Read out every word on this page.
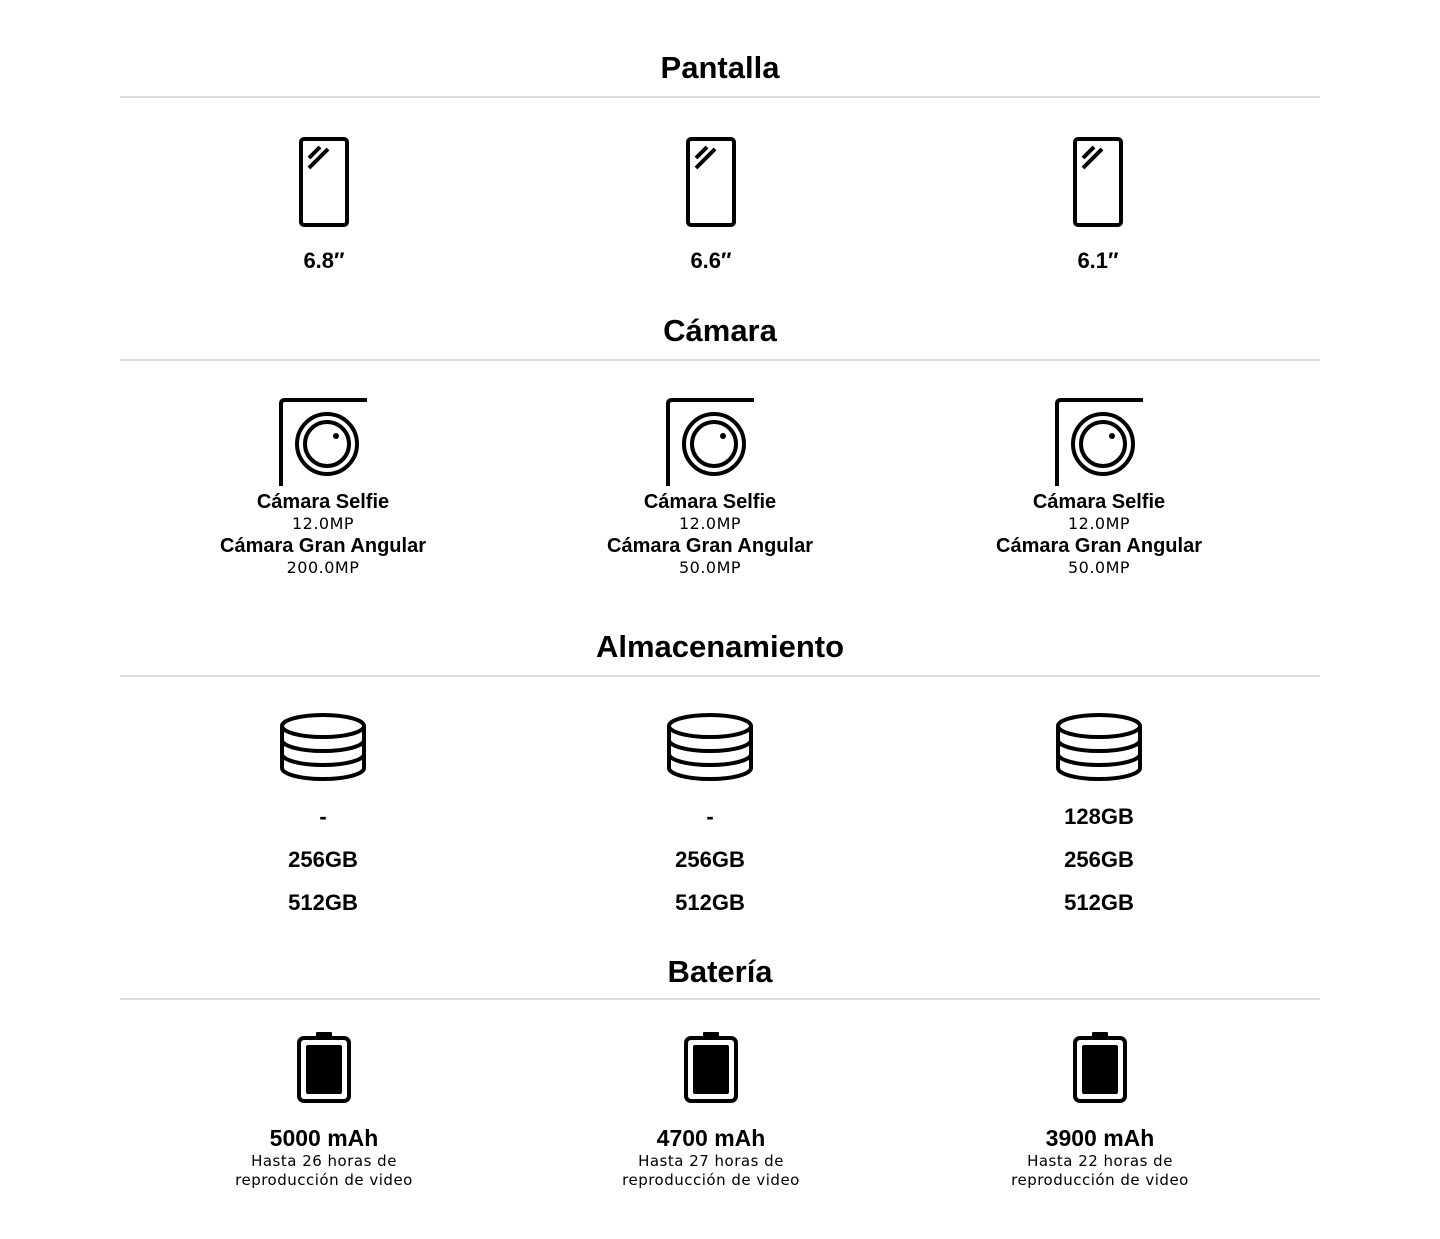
Pantalla
6.8″	6.6″	6.1″
Cámara
Cámara Selfie
12.0MP
Cámara Gran Angular
200.0MP
Cámara Selfie
12.0MP
Cámara Gran Angular
50.0MP
Cámara Selfie
12.0MP
Cámara Gran Angular
50.0MP
Almacenamiento
-
256GB
512GB
-
256GB
512GB
128GB
256GB
512GB
Batería
5000 mAh
Hasta 26 horas de
reproducción de video
4700 mAh
Hasta 27 horas de
reproducción de video
3900 mAh
Hasta 22 horas de
reproducción de video
